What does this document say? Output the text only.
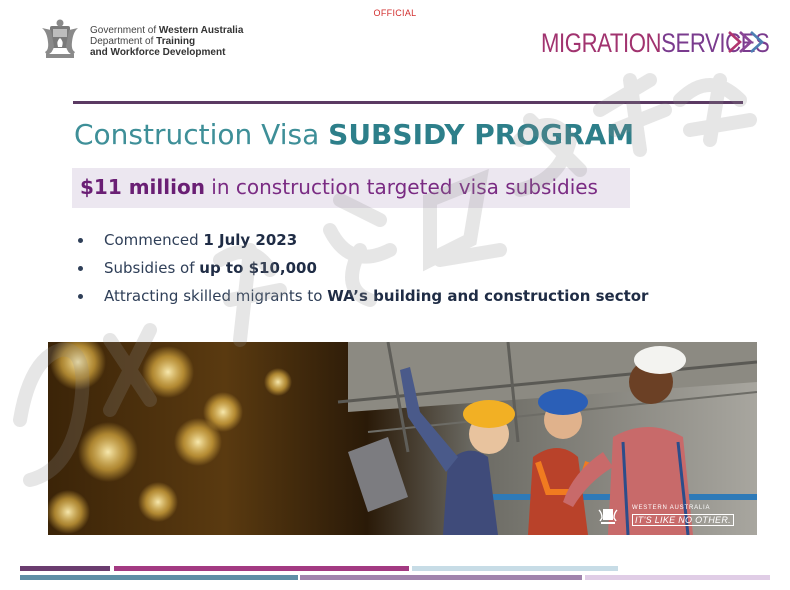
OFFICIAL
Government of Western Australia
Department of Training
and Workforce Development	MIGRATIONSERVICES
Construction Visa SUBSIDY PROGRAM
$11 million in construction targeted visa subsidies
Commenced 1 July 2023
Subsidies of up to $10,000
Attracting skilled migrants to WA’s building and construction sector
WESTERN AUSTRALIA
IT'S LIKE NO OTHER.
